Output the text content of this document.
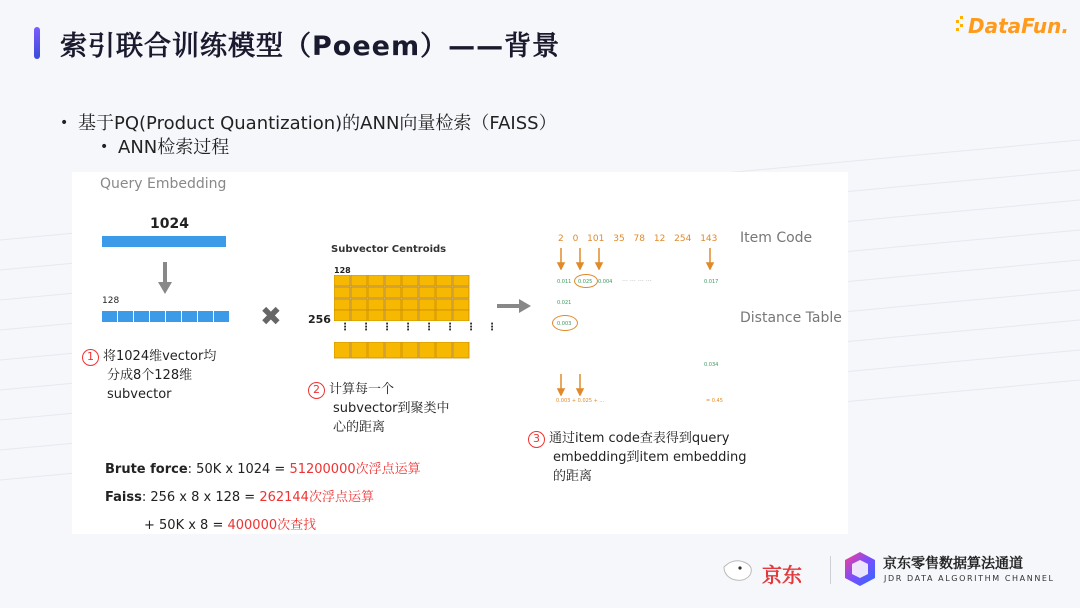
索引联合训练模型（Poeem）——背景
DataFun.
• 基于PQ(Product Quantization)的ANN向量检索（FAISS）
• ANN检索过程
Query Embedding
1024
128
✖
1 将1024维vector均
分成8个128维
subvector
Subvector Centroids
128
256
⋮⋮⋮⋮⋮⋮⋮⋮
2 计算每一个
subvector到聚类中
心的距离
2 0 101 35 78 12 254 143 Item Code
0.011 0.025 0.004	0.017
… … … …
0.021
0.003	Distance Table
0.034
0.003 + 0.025 + ...	= 0.45
3 通过item code查表得到query
embedding到item embedding
的距离
Brute force: 50K x 1024 = 51200000次浮点运算
Faiss: 256 x 8 x 128 = 262144次浮点运算
+ 50K x 8 = 400000次查找
京东	京东零售数据算法通道
JDR DATA ALGORITHM CHANNEL
